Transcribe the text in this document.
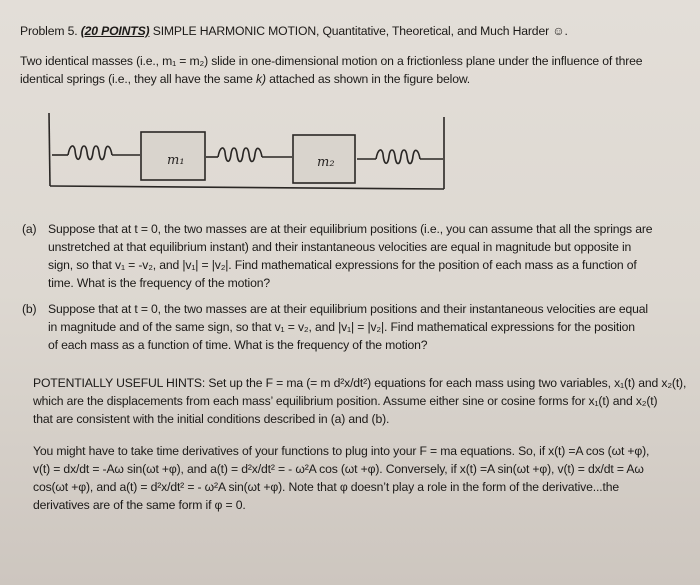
Problem 5. (20 POINTS) SIMPLE HARMONIC MOTION, Quantitative, Theoretical, and Much Harder ☺.
Two identical masses (i.e., m₁ = m₂) slide in one-dimensional motion on a frictionless plane under the influence of three
identical springs (i.e., they all have the same k) attached as shown in the figure below.
m₁	m₂
(a) Suppose that at t = 0, the two masses are at their equilibrium positions (i.e., you can assume that all the springs are
unstretched at that equilibrium instant) and their instantaneous velocities are equal in magnitude but opposite in
sign, so that v₁ = -v₂, and |v₁| = |v₂|. Find mathematical expressions for the position of each mass as a function of
time. What is the frequency of the motion?
(b) Suppose that at t = 0, the two masses are at their equilibrium positions and their instantaneous velocities are equal
in magnitude and of the same sign, so that v₁ = v₂, and |v₁| = |v₂|. Find mathematical expressions for the position
of each mass as a function of time. What is the frequency of the motion?
POTENTIALLY USEFUL HINTS: Set up the F = ma (= m d²x/dt²) equations for each mass using two variables, x₁(t) and x₂(t),
which are the displacements from each mass’ equilibrium position. Assume either sine or cosine forms for x₁(t) and x₂(t)
that are consistent with the initial conditions described in (a) and (b).
You might have to take time derivatives of your functions to plug into your F = ma equations. So, if x(t) =A cos (ωt +φ),
v(t) = dx/dt = -Aω sin(ωt +φ), and a(t) = d²x/dt² = - ω²A cos (ωt +φ). Conversely, if x(t) =A sin(ωt +φ), v(t) = dx/dt = Aω
cos(ωt +φ), and a(t) = d²x/dt² = - ω²A sin(ωt +φ). Note that φ doesn’t play a role in the form of the derivative...the
derivatives are of the same form if φ = 0.
